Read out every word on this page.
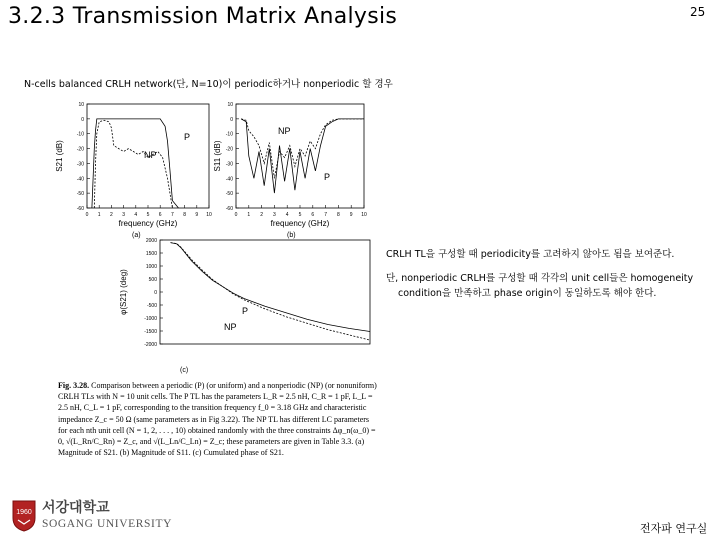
3.2.3 Transmission Matrix Analysis	25
N-cells balanced CRLH network(단, N=10)이 periodic하거나 nonperiodic 할 경우
10
0
-10
-20
-30
-40
-50
-60
0 1 2 3 4 5 6 7 8 9 10
frequency (GHz)
S21 (dB)
(a)
P
NP
10
0
-10
-20
-30
-40
-50
-60
0 1 2 3 4 5 6 7 8 9 10
frequency (GHz)
S11 (dB)
(b)
NP
P
2000
1500
1000
500
0
-500
-1000
-1500
-2000
φ(S21) (deg)
(c)
P
NP
CRLH TL을 구성할 때 periodicity를 고려하지 않아도 됨을 보여준다.
단, nonperiodic CRLH를 구성할 때 각각의 unit cell들은 homogeneity
condition을 만족하고 phase origin이 동일하도록 해야 한다.
Fig. 3.28. Comparison between a periodic (P) (or uniform) and a nonperiodic (NP) (or nonuniform) CRLH TLs with N = 10 unit cells. The P TL has the parameters L_R = 2.5 nH, C_R = 1 pF, L_L = 2.5 nH, C_L = 1 pF, corresponding to the transition frequency f_0 = 3.18 GHz and characteristic impedance Z_c = 50 Ω (same parameters as in Fig 3.22). The NP TL has different LC parameters for each nth unit cell (N = 1, 2, . . . , 10) obtained randomly with the three constraints Δφ_n(ω_0) = 0, √(L_Rn/C_Rn) = Z_c, and √(L_Ln/C_Ln) = Z_c; these parameters are given in Table 3.3. (a) Magnitude of S21. (b) Magnitude of S11. (c) Cumulated phase of S21.
1960 서강대학교
SOGANG UNIVERSITY	전자파 연구실
